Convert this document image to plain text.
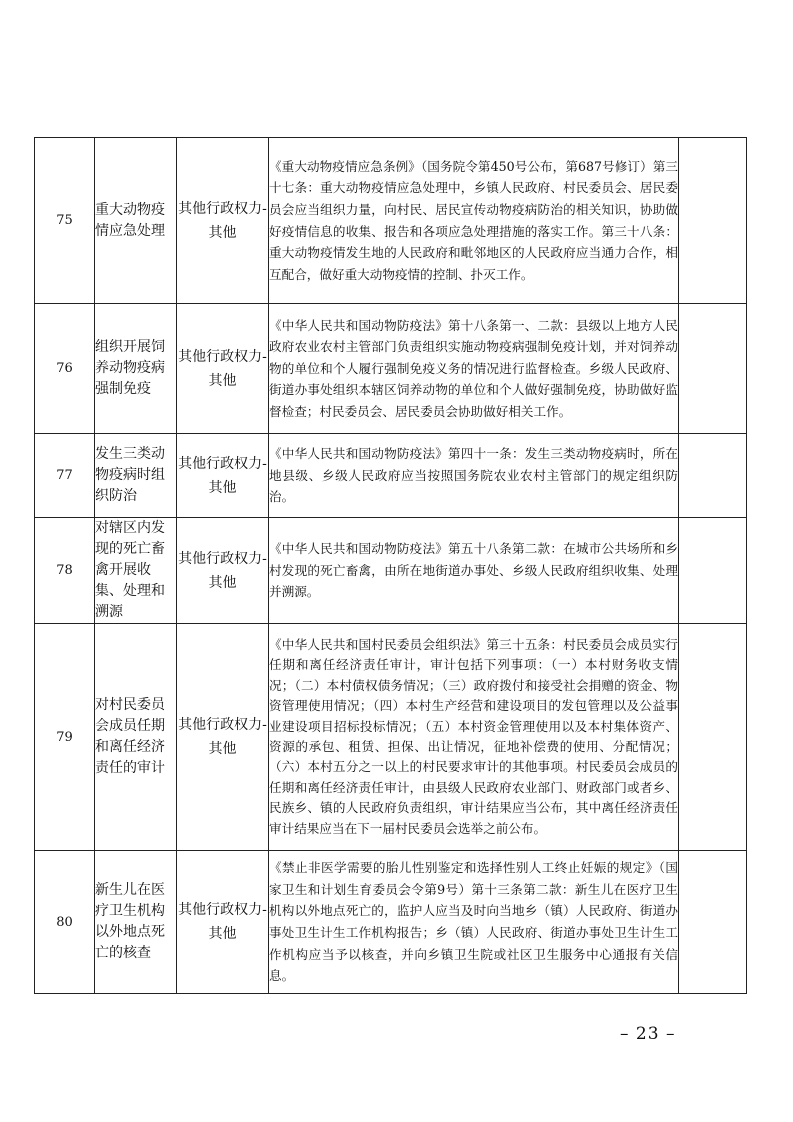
75	重大动物疫情应急处理	其他行政权力-其他	《重大动物疫情应急条例》（国务院令第450号公布，第687号修订）第三十七条：重大动物疫情应急处理中，乡镇人民政府、村民委员会、居民委员会应当组织力量，向村民、居民宣传动物疫病防治的相关知识，协助做好疫情信息的收集、报告和各项应急处理措施的落实工作。第三十八条：重大动物疫情发生地的人民政府和毗邻地区的人民政府应当通力合作，相互配合，做好重大动物疫情的控制、扑灭工作。	
76	组织开展饲养动物疫病强制免疫	其他行政权力-其他	《中华人民共和国动物防疫法》第十八条第一、二款：县级以上地方人民政府农业农村主管部门负责组织实施动物疫病强制免疫计划，并对饲养动物的单位和个人履行强制免疫义务的情况进行监督检查。乡级人民政府、街道办事处组织本辖区饲养动物的单位和个人做好强制免疫，协助做好监督检查；村民委员会、居民委员会协助做好相关工作。	
77	发生三类动物疫病时组织防治	其他行政权力-其他	《中华人民共和国动物防疫法》第四十一条：发生三类动物疫病时，所在地县级、乡级人民政府应当按照国务院农业农村主管部门的规定组织防治。	
78	对辖区内发现的死亡畜禽开展收集、处理和溯源	其他行政权力-其他	《中华人民共和国动物防疫法》第五十八条第二款：在城市公共场所和乡村发现的死亡畜禽，由所在地街道办事处、乡级人民政府组织收集、处理并溯源。	
79	对村民委员会成员任期和离任经济责任的审计	其他行政权力-其他	《中华人民共和国村民委员会组织法》第三十五条：村民委员会成员实行任期和离任经济责任审计，审计包括下列事项：（一）本村财务收支情况；（二）本村债权债务情况；（三）政府拨付和接受社会捐赠的资金、物资管理使用情况；（四）本村生产经营和建设项目的发包管理以及公益事业建设项目招标投标情况；（五）本村资金管理使用以及本村集体资产、资源的承包、租赁、担保、出让情况，征地补偿费的使用、分配情况；（六）本村五分之一以上的村民要求审计的其他事项。村民委员会成员的任期和离任经济责任审计，由县级人民政府农业部门、财政部门或者乡、民族乡、镇的人民政府负责组织，审计结果应当公布，其中离任经济责任审计结果应当在下一届村民委员会选举之前公布。	
80	新生儿在医疗卫生机构以外地点死亡的核查	其他行政权力-其他	《禁止非医学需要的胎儿性别鉴定和选择性别人工终止妊娠的规定》（国家卫生和计划生育委员会令第9号）第十三条第二款：新生儿在医疗卫生机构以外地点死亡的，监护人应当及时向当地乡（镇）人民政府、街道办事处卫生计生工作机构报告；乡（镇）人民政府、街道办事处卫生计生工作机构应当予以核查，并向乡镇卫生院或社区卫生服务中心通报有关信息。	
– 23 –
